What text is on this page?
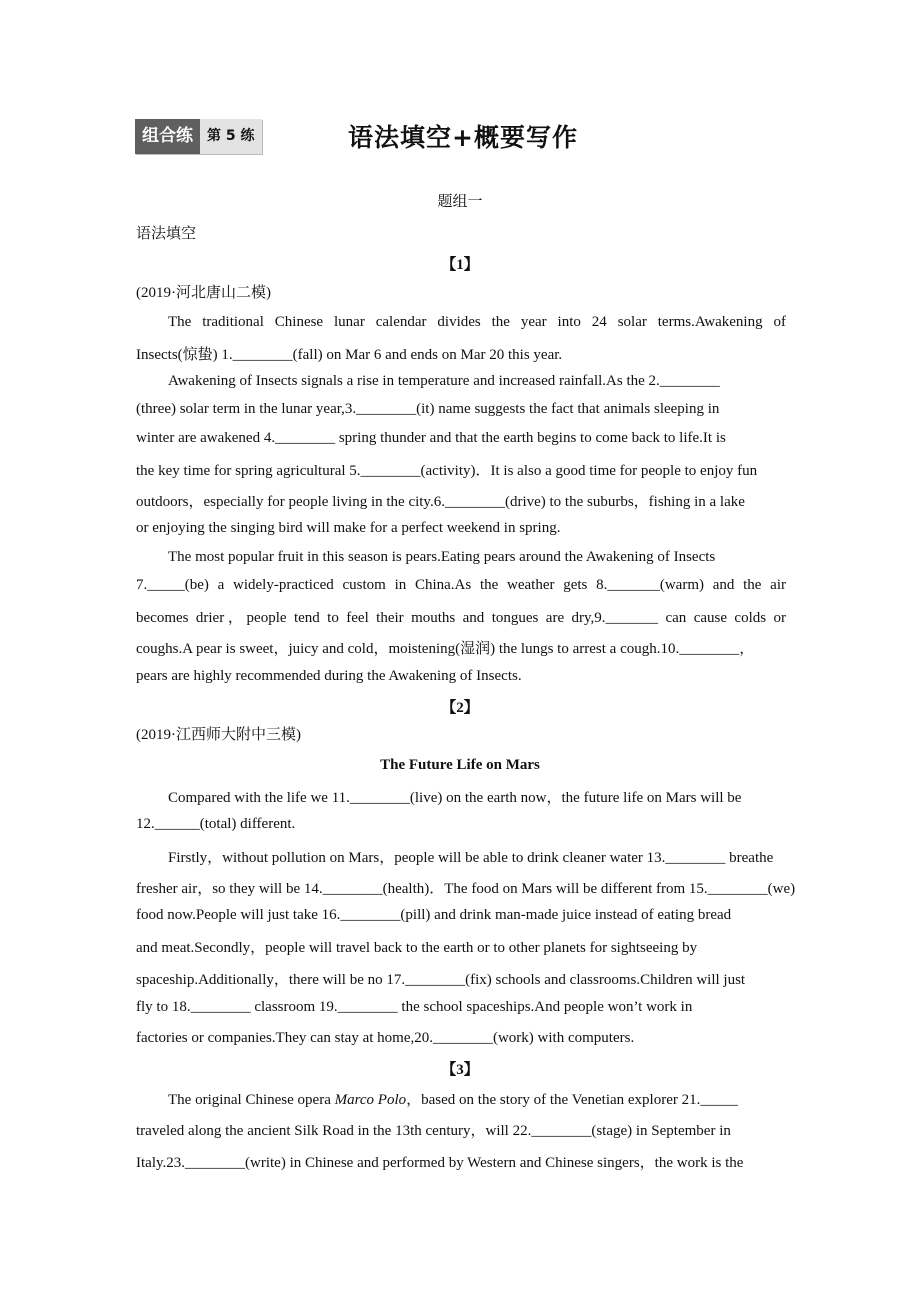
组合练	第 5 练	语法填空+概要写作
题组一
语法填空
【1】
(2019·河北唐山二模)
The traditional Chinese lunar calendar divides the year into 24 solar terms.Awakening of
Insects(惊蛰) 1.________(fall) on Mar 6 and ends on Mar 20 this year.
Awakening of Insects signals a rise in temperature and increased rainfall.As the 2.________
(three) solar term in the lunar year,3.________(it) name suggests the fact that animals sleeping in
winter are awakened 4.________ spring thunder and that the earth begins to come back to life.It is
the key time for spring agricultural 5.________(activity)．It is also a good time for people to enjoy fun
outdoors，especially for people living in the city.6.________(drive) to the suburbs，fishing in a lake
or enjoying the singing bird will make for a perfect weekend in spring.
The most popular fruit in this season is pears.Eating pears around the Awakening of Insects
7._____(be) a widely-practiced custom in China.As the weather gets 8._______(warm) and the air
becomes drier，people tend to feel their mouths and tongues are dry,9._______ can cause colds or
coughs.A pear is sweet，juicy and cold，moistening(湿润) the lungs to arrest a cough.10.________，
pears are highly recommended during the Awakening of Insects.
【2】
(2019·江西师大附中三模)
The Future Life on Mars
Compared with the life we 11.________(live) on the earth now，the future life on Mars will be
12.______(total) different.
Firstly，without pollution on Mars，people will be able to drink cleaner water 13.________ breathe
fresher air，so they will be 14.________(health)．The food on Mars will be different from 15.________(we)
food now.People will just take 16.________(pill) and drink man-made juice instead of eating bread
and meat.Secondly，people will travel back to the earth or to other planets for sightseeing by
spaceship.Additionally，there will be no 17.________(fix) schools and classrooms.Children will just
fly to 18.________ classroom 19.________ the school spaceships.And people won’t work in
factories or companies.They can stay at home,20.________(work) with computers.
【3】
The original Chinese opera Marco Polo，based on the story of the Venetian explorer 21._____
traveled along the ancient Silk Road in the 13th century，will 22.________(stage) in September in
Italy.23.________(write) in Chinese and performed by Western and Chinese singers，the work is the
